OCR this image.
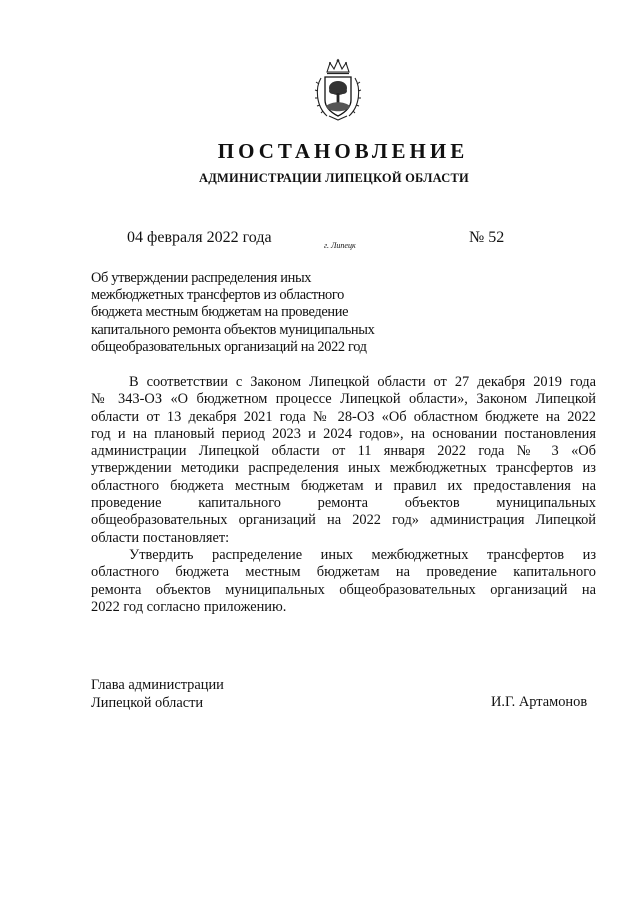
ПОСТАНОВЛЕНИЕ
АДМИНИСТРАЦИИ ЛИПЕЦКОЙ ОБЛАСТИ
04 февраля 2022 года	г. Липецк	№ 52
Об утверждении распределения иных
межбюджетных трансфертов из областного
бюджета местным бюджетам на проведение
капитального ремонта объектов муниципальных
общеобразовательных организаций на 2022 год
В соответствии с Законом Липецкой области от 27 декабря 2019 года
№ 343-ОЗ «О бюджетном процессе Липецкой области», Законом Липецкой
области от 13 декабря 2021 года № 28-ОЗ «Об областном бюджете на 2022
год и на плановый период 2023 и 2024 годов», на основании постановления
администрации Липецкой области от 11 января 2022 года № 3 «Об
утверждении методики распределения иных межбюджетных трансфертов из
областного бюджета местным бюджетам и правил их предоставления на
проведение капитального ремонта объектов муниципальных
общеобразовательных организаций на 2022 год» администрация Липецкой
области постановляет:
Утвердить распределение иных межбюджетных трансфертов из
областного бюджета местным бюджетам на проведение капитального
ремонта объектов муниципальных общеобразовательных организаций на
2022 год согласно приложению.
Глава администрации
Липецкой области	И.Г. Артамонов
